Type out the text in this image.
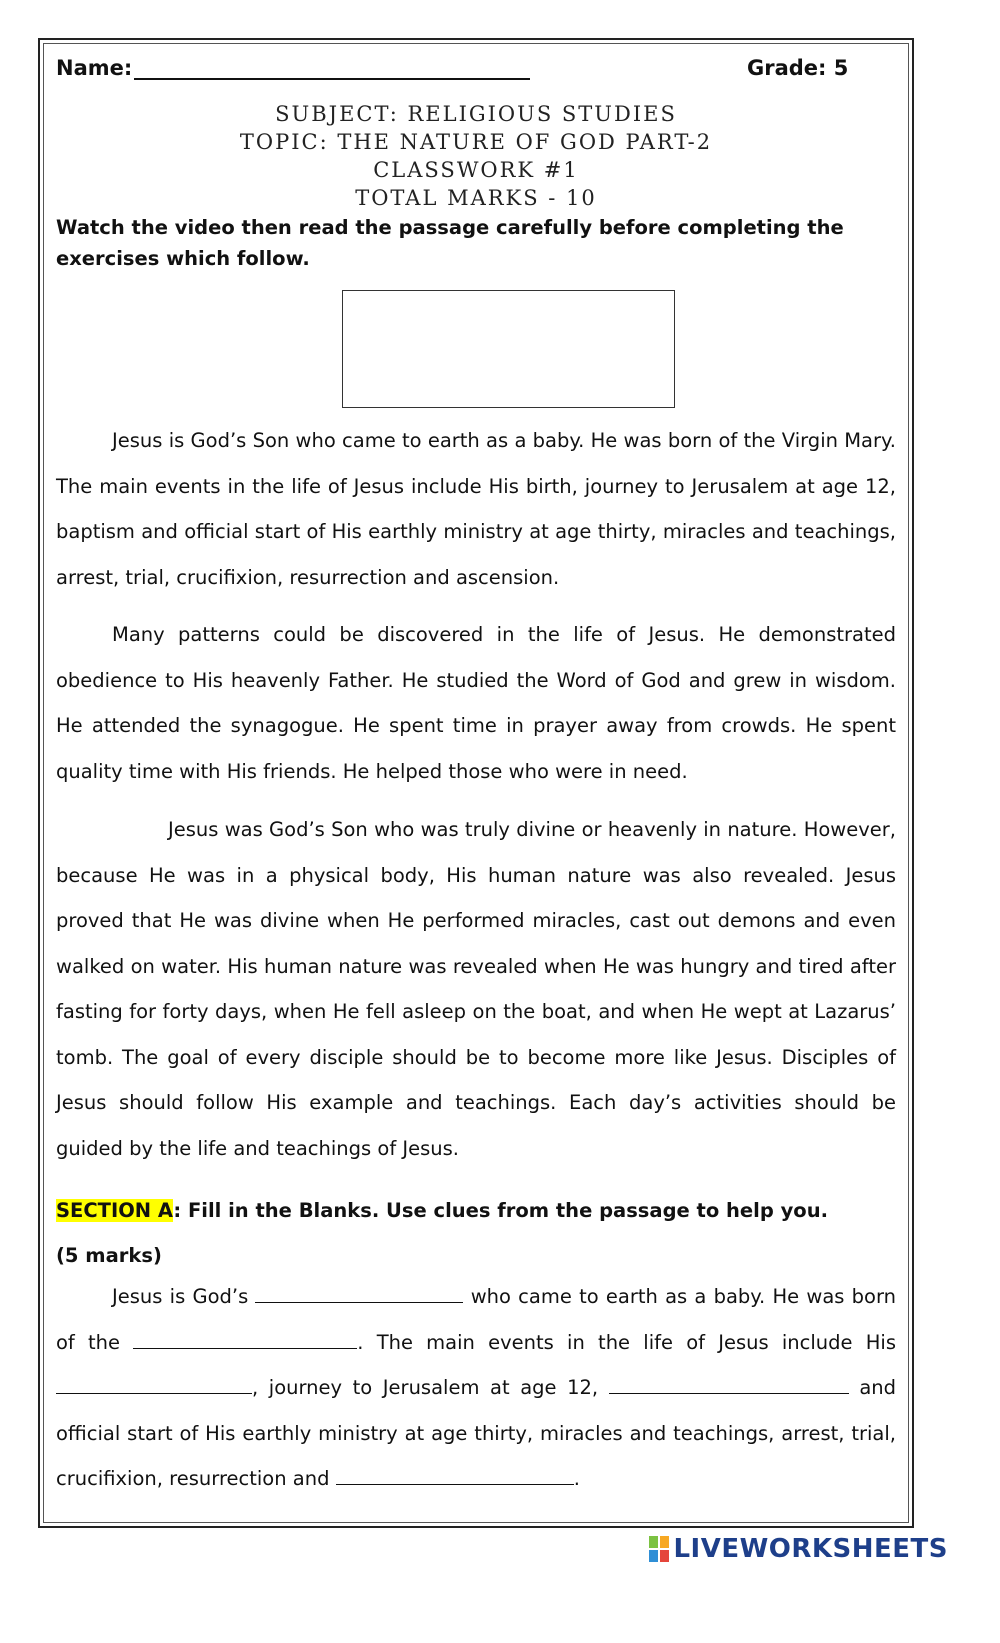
Name:	Grade: 5
SUBJECT: RELIGIOUS STUDIES
TOPIC: THE NATURE OF GOD PART-2
CLASSWORK #1
TOTAL MARKS - 10
Watch the video then read the passage carefully before completing the exercises which follow.
Jesus is God’s Son who came to earth as a baby. He was born of the Virgin Mary. The main events in the life of Jesus include His birth, journey to Jerusalem at age 12, baptism and official start of His earthly ministry at age thirty, miracles and teachings, arrest, trial, crucifixion, resurrection and ascension.
Many patterns could be discovered in the life of Jesus. He demonstrated obedience to His heavenly Father. He studied the Word of God and grew in wisdom. He attended the synagogue. He spent time in prayer away from crowds. He spent quality time with His friends. He helped those who were in need.
Jesus was God’s Son who was truly divine or heavenly in nature. However, because He was in a physical body, His human nature was also revealed. Jesus proved that He was divine when He performed miracles, cast out demons and even walked on water. His human nature was revealed when He was hungry and tired after fasting for forty days, when He fell asleep on the boat, and when He wept at Lazarus’ tomb. The goal of every disciple should be to become more like Jesus. Disciples of Jesus should follow His example and teachings. Each day’s activities should be guided by the life and teachings of Jesus.
SECTION A: Fill in the Blanks. Use clues from the passage to help you.
(5 marks)
Jesus is God’s	who came to earth as a baby. He was born of the	. The main events in the life of Jesus include His , journey to Jerusalem at age 12,	and official start of His earthly ministry at age thirty, miracles and teachings, arrest, trial, crucifixion, resurrection and	.
LIVEWORKSHEETS
